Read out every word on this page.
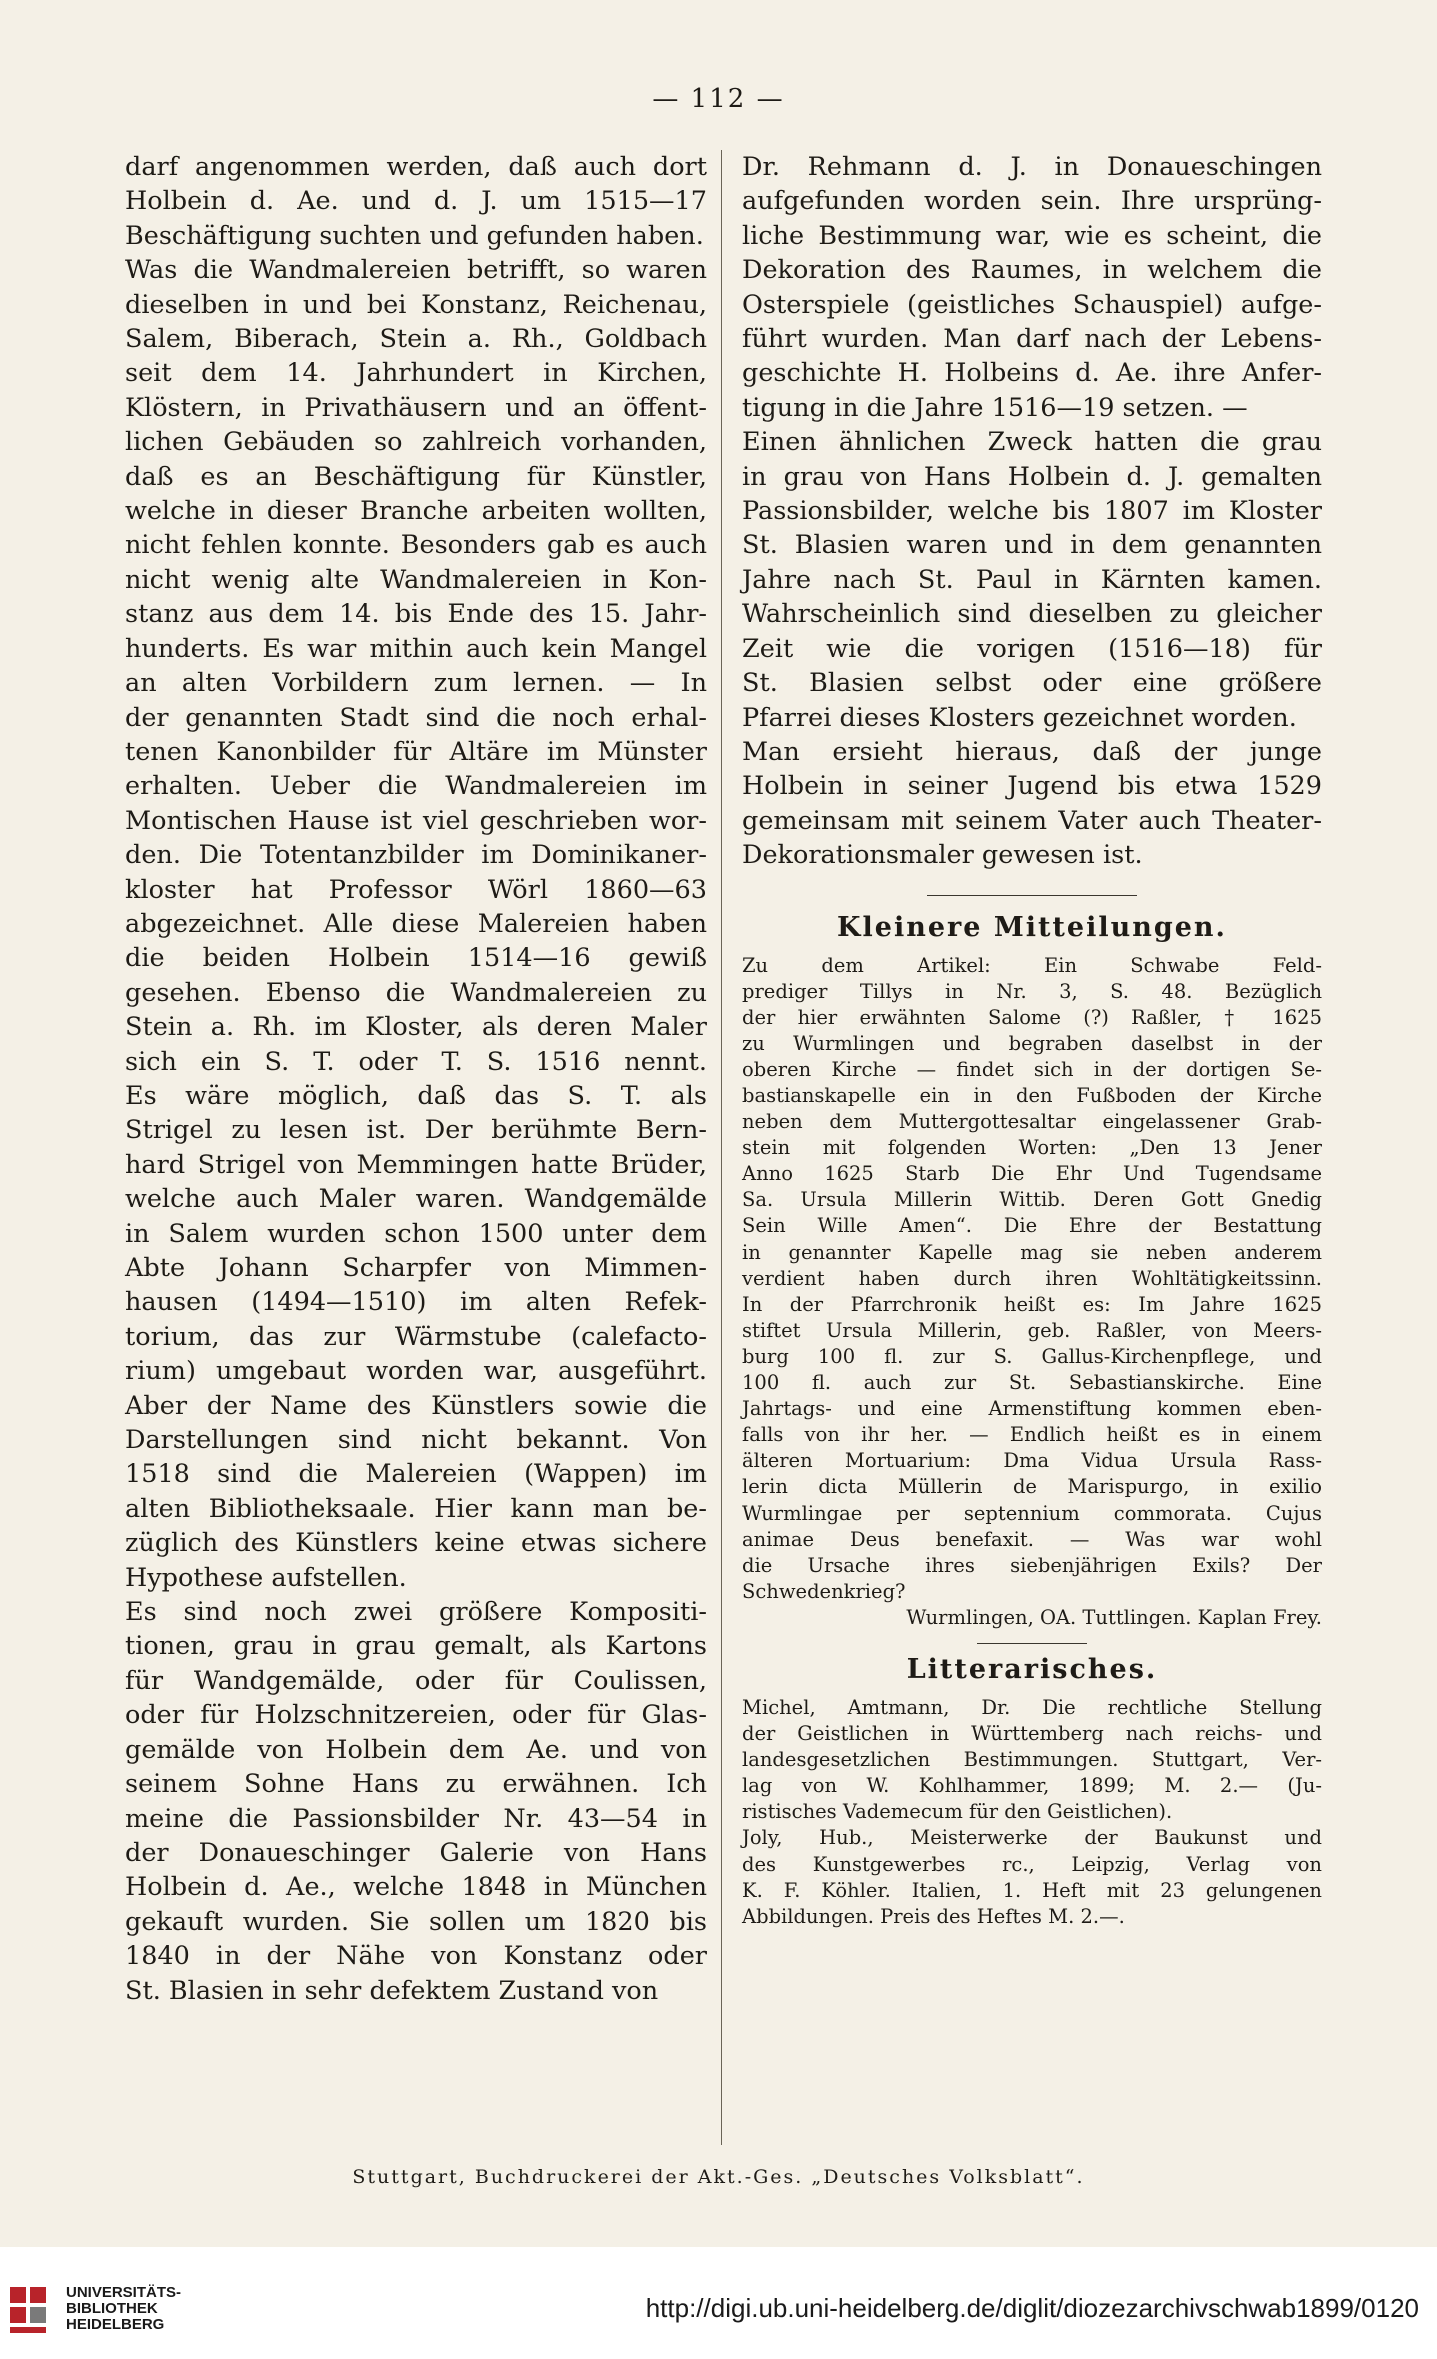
— 112 —
darf angenommen werden, daß auch dort
Holbein d. Ae. und d. J. um 1515—17
Beschäftigung suchten und gefunden haben.
Was die Wandmalereien betrifft, so waren
dieselben in und bei Konstanz, Reichenau,
Salem, Biberach, Stein a. Rh., Goldbach
seit dem 14. Jahrhundert in Kirchen,
Klöstern, in Privathäusern und an öffent-
lichen Gebäuden so zahlreich vorhanden,
daß es an Beschäftigung für Künstler,
welche in dieser Branche arbeiten wollten,
nicht fehlen konnte. Besonders gab es auch
nicht wenig alte Wandmalereien in Kon-
stanz aus dem 14. bis Ende des 15. Jahr-
hunderts. Es war mithin auch kein Mangel
an alten Vorbildern zum lernen. — In
der genannten Stadt sind die noch erhal-
tenen Kanonbilder für Altäre im Münster
erhalten. Ueber die Wandmalereien im
Montischen Hause ist viel geschrieben wor-
den. Die Totentanzbilder im Dominikaner-
kloster hat Professor Wörl 1860—63
abgezeichnet. Alle diese Malereien haben
die beiden Holbein 1514—16 gewiß
gesehen. Ebenso die Wandmalereien zu
Stein a. Rh. im Kloster, als deren Maler
sich ein S. T. oder T. S. 1516 nennt.
Es wäre möglich, daß das S. T. als
Strigel zu lesen ist. Der berühmte Bern-
hard Strigel von Memmingen hatte Brüder,
welche auch Maler waren. Wandgemälde
in Salem wurden schon 1500 unter dem
Abte Johann Scharpfer von Mimmen-
hausen (1494—1510) im alten Refek-
torium, das zur Wärmstube (calefacto-
rium) umgebaut worden war, ausgeführt.
Aber der Name des Künstlers sowie die
Darstellungen sind nicht bekannt. Von
1518 sind die Malereien (Wappen) im
alten Bibliotheksaale. Hier kann man be-
züglich des Künstlers keine etwas sichere
Hypothese aufstellen.
Es sind noch zwei größere Kompositi-
tionen, grau in grau gemalt, als Kartons
für Wandgemälde, oder für Coulissen,
oder für Holzschnitzereien, oder für Glas-
gemälde von Holbein dem Ae. und von
seinem Sohne Hans zu erwähnen. Ich
meine die Passionsbilder Nr. 43—54 in
der Donaueschinger Galerie von Hans
Holbein d. Ae., welche 1848 in München
gekauft wurden. Sie sollen um 1820 bis
1840 in der Nähe von Konstanz oder
St. Blasien in sehr defektem Zustand von
Dr. Rehmann d. J. in Donaueschingen
aufgefunden worden sein. Ihre ursprüng-
liche Bestimmung war, wie es scheint, die
Dekoration des Raumes, in welchem die
Osterspiele (geistliches Schauspiel) aufge-
führt wurden. Man darf nach der Lebens-
geschichte H. Holbeins d. Ae. ihre Anfer-
tigung in die Jahre 1516—19 setzen. —
Einen ähnlichen Zweck hatten die grau
in grau von Hans Holbein d. J. gemalten
Passionsbilder, welche bis 1807 im Kloster
St. Blasien waren und in dem genannten
Jahre nach St. Paul in Kärnten kamen.
Wahrscheinlich sind dieselben zu gleicher
Zeit wie die vorigen (1516—18) für
St. Blasien selbst oder eine größere
Pfarrei dieses Klosters gezeichnet worden.
Man ersieht hieraus, daß der junge
Holbein in seiner Jugend bis etwa 1529
gemeinsam mit seinem Vater auch Theater-
Dekorationsmaler gewesen ist.
Kleinere Mitteilungen.
Zu dem Artikel: Ein Schwabe Feld-
prediger Tillys in Nr. 3, S. 48. Bezüglich
der hier erwähnten Salome (?) Raßler, † 1625
zu Wurmlingen und begraben daselbst in der
oberen Kirche — findet sich in der dortigen Se-
bastianskapelle ein in den Fußboden der Kirche
neben dem Muttergottesaltar eingelassener Grab-
stein mit folgenden Worten: „Den 13 Jener
Anno 1625 Starb Die Ehr Und Tugendsame
Sa. Ursula Millerin Wittib. Deren Gott Gnedig
Sein Wille Amen“. Die Ehre der Bestattung
in genannter Kapelle mag sie neben anderem
verdient haben durch ihren Wohltätigkeitssinn.
In der Pfarrchronik heißt es: Im Jahre 1625
stiftet Ursula Millerin, geb. Raßler, von Meers-
burg 100 fl. zur S. Gallus-Kirchenpflege, und
100 fl. auch zur St. Sebastianskirche. Eine
Jahrtags- und eine Armenstiftung kommen eben-
falls von ihr her. — Endlich heißt es in einem
älteren Mortuarium: Dma Vidua Ursula Rass-
lerin dicta Müllerin de Marispurgo, in exilio
Wurmlingae per septennium commorata. Cujus
animae Deus benefaxit. — Was war wohl
die Ursache ihres siebenjährigen Exils? Der
Schwedenkrieg?
Wurmlingen, OA. Tuttlingen. Kaplan Frey.
Litterarisches.
Michel, Amtmann, Dr. Die rechtliche Stellung
der Geistlichen in Württemberg nach reichs- und
landesgesetzlichen Bestimmungen. Stuttgart, Ver-
lag von W. Kohlhammer, 1899; M. 2.— (Ju-
ristisches Vademecum für den Geistlichen).
Joly, Hub., Meisterwerke der Baukunst und
des Kunstgewerbes rc., Leipzig, Verlag von
K. F. Köhler. Italien, 1. Heft mit 23 gelungenen
Abbildungen. Preis des Heftes M. 2.—.
Stuttgart, Buchdruckerei der Akt.-Ges. „Deutsches Volksblatt“.
UNIVERSITÄTS-
BIBLIOTHEK
HEIDELBERG
http://digi.ub.uni-heidelberg.de/diglit/diozezarchivschwab1899/0120
